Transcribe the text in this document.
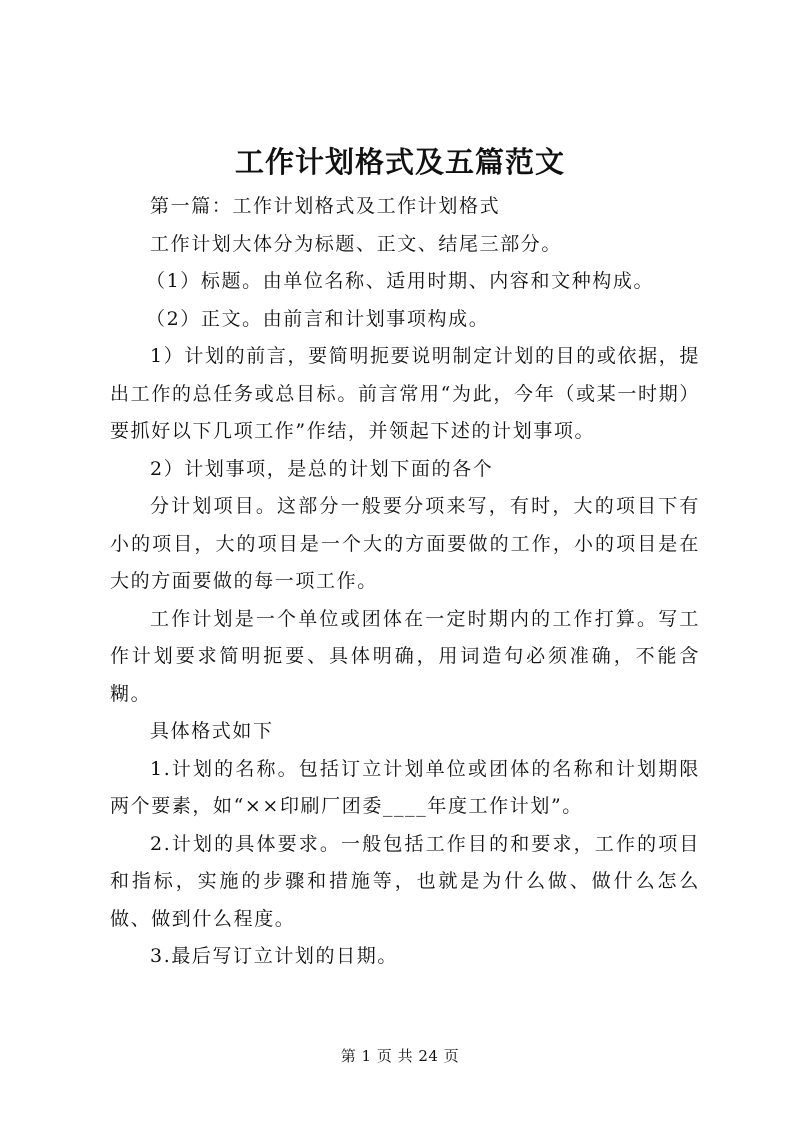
工作计划格式及五篇范文

第一篇：工作计划格式及工作计划格式

工作计划大体分为标题、正文、结尾三部分。

（1）标题。由单位名称、适用时期、内容和文种构成。

（2）正文。由前言和计划事项构成。

1）计划的前言，要简明扼要说明制定计划的目的或依据，提出工作的总任务或总目标。前言常用“为此，今年（或某一时期）要抓好以下几项工作”作结，并领起下述的计划事项。

2）计划事项，是总的计划下面的各个

分计划项目。这部分一般要分项来写，有时，大的项目下有小的项目，大的项目是一个大的方面要做的工作，小的项目是在大的方面要做的每一项工作。

工作计划是一个单位或团体在一定时期内的工作打算。写工作计划要求简明扼要、具体明确，用词造句必须准确，不能含糊。

具体格式如下

1.计划的名称。包括订立计划单位或团体的名称和计划期限两个要素，如“××印刷厂团委____年度工作计划”。

2.计划的具体要求。一般包括工作目的和要求，工作的项目和指标，实施的步骤和措施等，也就是为什么做、做什么怎么做、做到什么程度。

3.最后写订立计划的日期。

第 1 页 共 24 页
